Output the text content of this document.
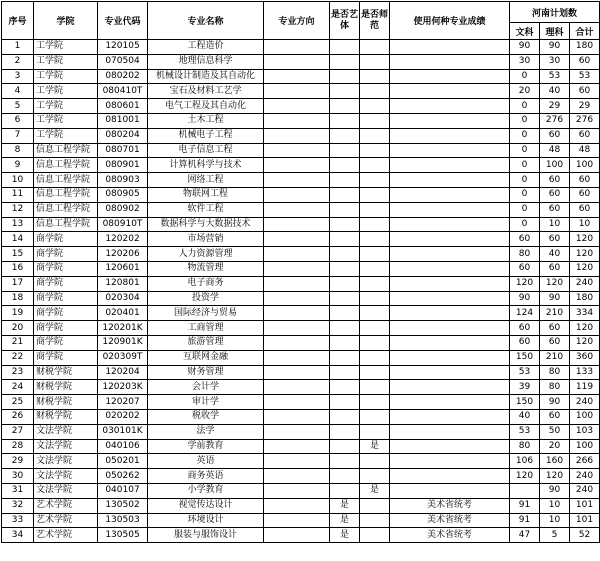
序号	学院	专业代码	专业名称	专业方向	是否艺体	是否师范	使用何种专业成绩	河南计划数		
								文科	理科	合计
1	工学院	120105	工程造价					90	90	180
2	工学院	070504	地理信息科学					30	30	60
3	工学院	080202	机械设计制造及其自动化					0	53	53
4	工学院	080410T	宝石及材料工艺学					20	40	60
5	工学院	080601	电气工程及其自动化					0	29	29
6	工学院	081001	土木工程					0	276	276
7	工学院	080204	机械电子工程					0	60	60
8	信息工程学院	080701	电子信息工程					0	48	48
9	信息工程学院	080901	计算机科学与技术					0	100	100
10	信息工程学院	080903	网络工程					0	60	60
11	信息工程学院	080905	物联网工程					0	60	60
12	信息工程学院	080902	软件工程					0	60	60
13	信息工程学院	080910T	数据科学与大数据技术					0	10	10
14	商学院	120202	市场营销					60	60	120
15	商学院	120206	人力资源管理					80	40	120
16	商学院	120601	物流管理					60	60	120
17	商学院	120801	电子商务					120	120	240
18	商学院	020304	投资学					90	90	180
19	商学院	020401	国际经济与贸易					124	210	334
20	商学院	120201K	工商管理					60	60	120
21	商学院	120901K	旅游管理					60	60	120
22	商学院	020309T	互联网金融					150	210	360
23	财税学院	120204	财务管理					53	80	133
24	财税学院	120203K	会计学					39	80	119
25	财税学院	120207	审计学					150	90	240
26	财税学院	020202	税收学					40	60	100
27	文法学院	030101K	法学					53	50	103
28	文法学院	040106	学前教育			是		80	20	100
29	文法学院	050201	英语					106	160	266
30	文法学院	050262	商务英语					120	120	240
31	文法学院	040107	小学教育			是			90	240
32	艺术学院	130502	视觉传达设计		是		美术省统考	91	10	101
33	艺术学院	130503	环境设计		是		美术省统考	91	10	101
34	艺术学院	130505	服装与服饰设计		是		美术省统考	47	5	52
